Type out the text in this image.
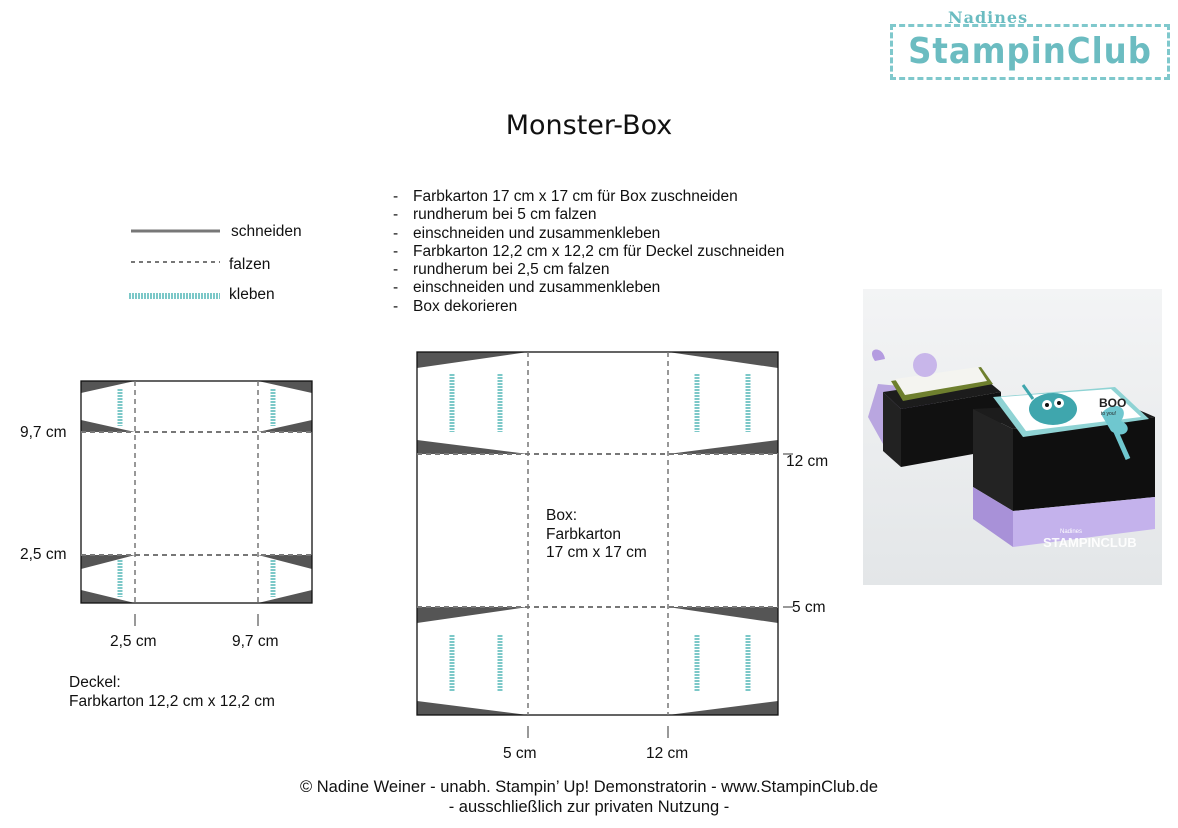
Nadines
StampinClub
Monster-Box
- Farbkarton 17 cm x 17 cm für Box zuschneiden
- rundherum bei 5 cm falzen
- einschneiden und zusammenkleben
- Farbkarton 12,2 cm x 12,2 cm für Deckel zuschneiden
- rundherum bei 2,5 cm falzen
- einschneiden und zusammenkleben
- Box dekorieren
schneiden
falzen
kleben
9,7 cm
2,5 cm
2,5 cm	9,7 cm
Deckel:
Farbkarton 12,2 cm x 12,2 cm
Box:
Farbkarton
17 cm x 17 cm
12 cm
5 cm
5 cm	12 cm
BOO
to you!
Nadines
STAMPINCLUB
© Nadine Weiner - unabh. Stampin’ Up! Demonstratorin - www.StampinClub.de
- ausschließlich zur privaten Nutzung -
